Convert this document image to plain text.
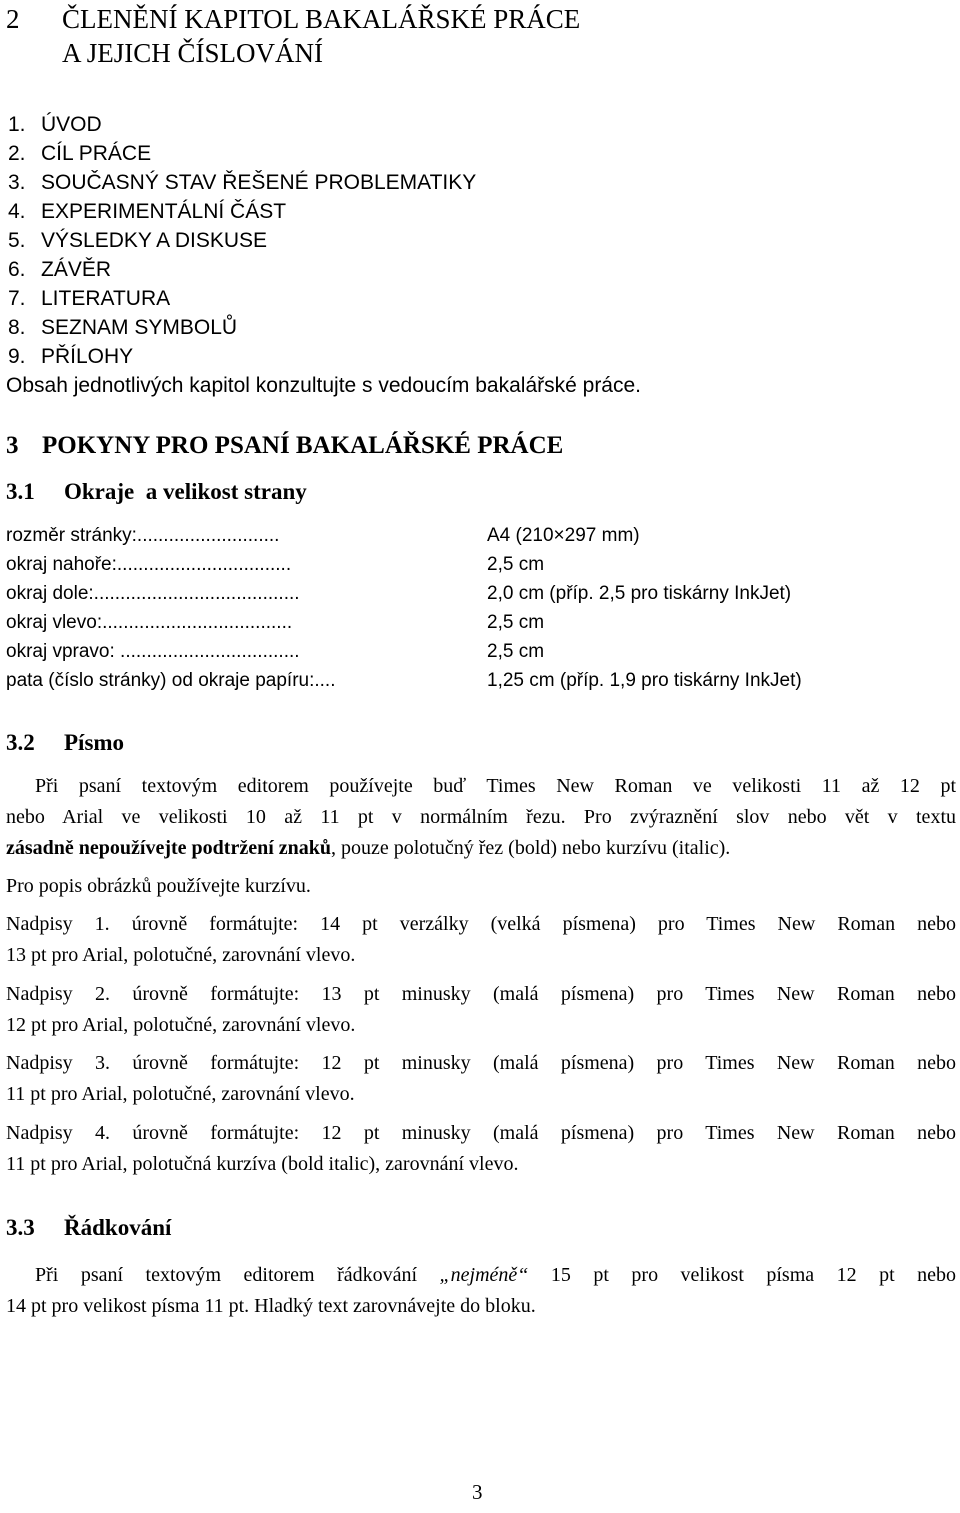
2 ČLENĚNÍ KAPITOL BAKALÁŘSKÉ PRÁCE
A JEJICH ČÍSLOVÁNÍ
1. ÚVOD
2. CÍL PRÁCE
3. SOUČASNÝ STAV ŘEŠENÉ PROBLEMATIKY
4. EXPERIMENTÁLNÍ ČÁST
5. VÝSLEDKY A DISKUSE
6. ZÁVĚR
7. LITERATURA
8. SEZNAM SYMBOLŮ
9. PŘÍLOHY
Obsah jednotlivých kapitol konzultujte s vedoucím bakalářské práce.
3 POKYNY PRO PSANÍ BAKALÁŘSKÉ PRÁCE
3.1 Okraje  a velikost strany
rozměr stránky:...........................	A4 (210×297 mm)
okraj nahoře:.................................	2,5 cm
okraj dole:.......................................	2,0 cm (příp. 2,5 pro tiskárny InkJet)
okraj vlevo:....................................	2,5 cm
okraj vpravo: ..................................	2,5 cm
pata (číslo stránky) od okraje papíru:....	1,25 cm (příp. 1,9 pro tiskárny InkJet)
3.2 Písmo
Při psaní textovým editorem používejte buď Times New Roman ve velikosti 11 až 12 pt
nebo Arial ve velikosti 10 až 11 pt v normálním řezu. Pro zvýraznění slov nebo vět v textu
zásadně nepoužívejte podtržení znaků, pouze polotučný řez (bold) nebo kurzívu (italic).
Pro popis obrázků používejte kurzívu.
Nadpisy 1. úrovně formátujte: 14 pt verzálky (velká písmena) pro Times New Roman nebo
13 pt pro Arial, polotučné, zarovnání vlevo.
Nadpisy 2. úrovně formátujte: 13 pt minusky (malá písmena) pro Times New Roman nebo
12 pt pro Arial, polotučné, zarovnání vlevo.
Nadpisy 3. úrovně formátujte: 12 pt minusky (malá písmena) pro Times New Roman nebo
11 pt pro Arial, polotučné, zarovnání vlevo.
Nadpisy 4. úrovně formátujte: 12 pt minusky (malá písmena) pro Times New Roman nebo
11 pt pro Arial, polotučná kurzíva (bold italic), zarovnání vlevo.
3.3 Řádkování
Při psaní textovým editorem řádkování „nejméně“ 15 pt pro velikost písma 12 pt nebo
14 pt pro velikost písma 11 pt. Hladký text zarovnávejte do bloku.
3
